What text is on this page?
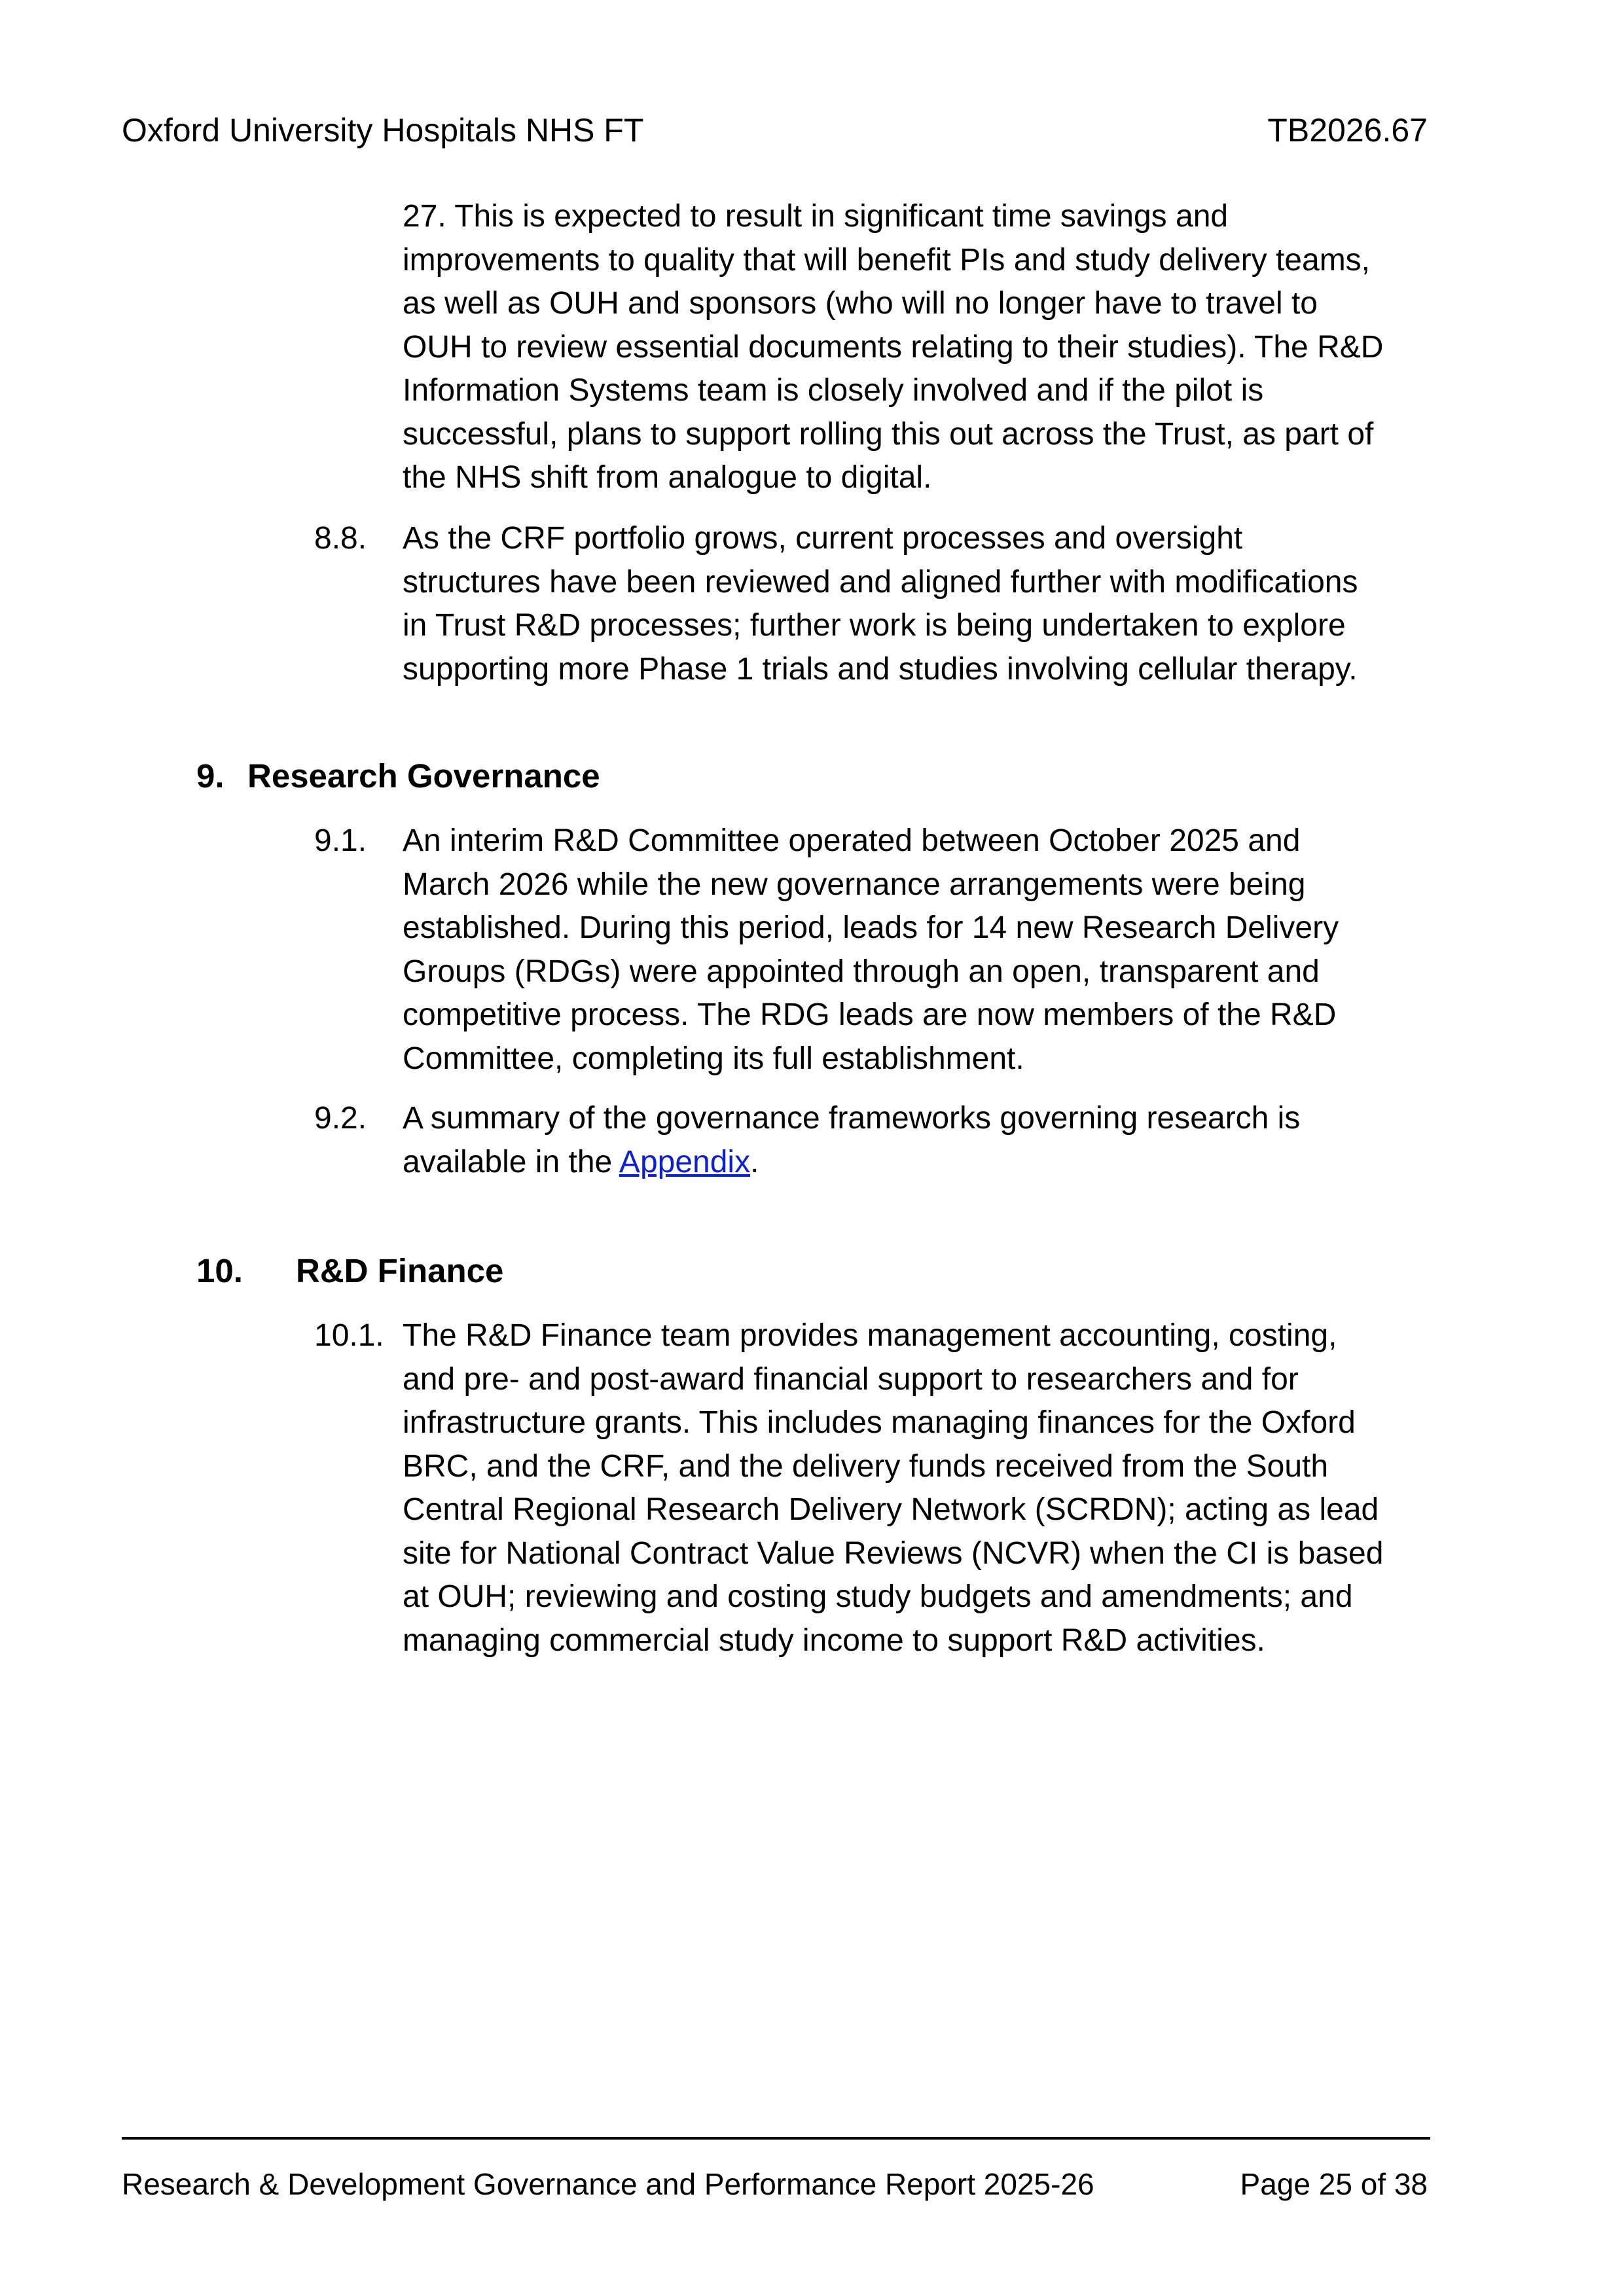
Oxford University Hospitals NHS FT	TB2026.67
27. This is expected to result in significant time savings and
improvements to quality that will benefit PIs and study delivery teams,
as well as OUH and sponsors (who will no longer have to travel to
OUH to review essential documents relating to their studies). The R&D
Information Systems team is closely involved and if the pilot is
successful, plans to support rolling this out across the Trust, as part of
the NHS shift from analogue to digital.
8.8. As the CRF portfolio grows, current processes and oversight
structures have been reviewed and aligned further with modifications
in Trust R&D processes; further work is being undertaken to explore
supporting more Phase 1 trials and studies involving cellular therapy.
9. Research Governance
9.1. An interim R&D Committee operated between October 2025 and
March 2026 while the new governance arrangements were being
established. During this period, leads for 14 new Research Delivery
Groups (RDGs) were appointed through an open, transparent and
competitive process. The RDG leads are now members of the R&D
Committee, completing its full establishment.
9.2. A summary of the governance frameworks governing research is
available in the Appendix.
10. R&D Finance
10.1. The R&D Finance team provides management accounting, costing,
and pre- and post-award financial support to researchers and for
infrastructure grants. This includes managing finances for the Oxford
BRC, and the CRF, and the delivery funds received from the South
Central Regional Research Delivery Network (SCRDN); acting as lead
site for National Contract Value Reviews (NCVR) when the CI is based
at OUH; reviewing and costing study budgets and amendments; and
managing commercial study income to support R&D activities.
Research & Development Governance and Performance Report 2025-26	Page 25 of 38
